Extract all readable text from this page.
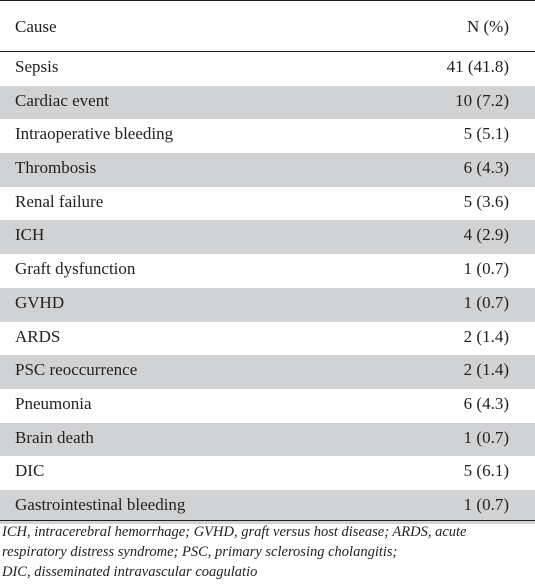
Cause	N (%)
Sepsis	41 (41.8)
Cardiac event	10 (7.2)
Intraoperative bleeding	5 (5.1)
Thrombosis	6 (4.3)
Renal failure	5 (3.6)
ICH	4 (2.9)
Graft dysfunction	1 (0.7)
GVHD	1 (0.7)
ARDS	2 (1.4)
PSC reoccurrence	2 (1.4)
Pneumonia	6 (4.3)
Brain death	1 (0.7)
DIC	5 (6.1)
Gastrointestinal bleeding	1 (0.7)
ICH, intracerebral hemorrhage; GVHD, graft versus host disease; ARDS, acute
respiratory distress syndrome; PSC, primary sclerosing cholangitis;
DIC, disseminated intravascular coagulatio
